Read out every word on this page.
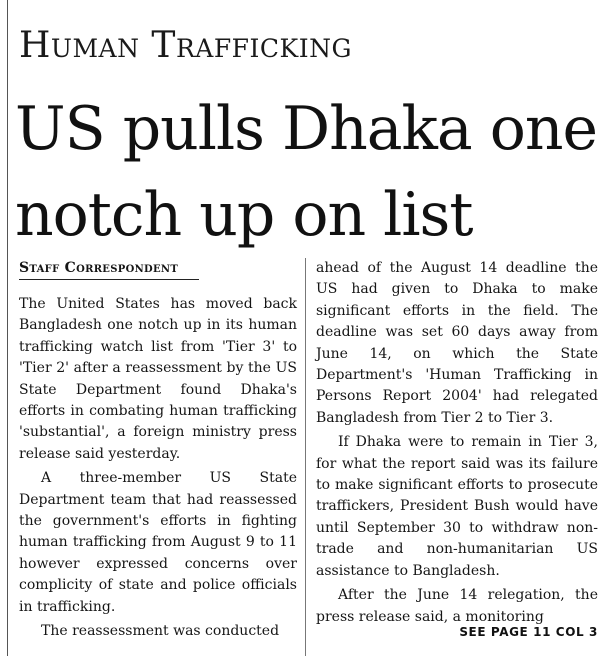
Human Trafficking
US pulls Dhaka one notch up on list
Staff Correspondent

The United States has moved back Bangladesh one notch up in its human trafficking watch list from 'Tier 3' to 'Tier 2' after a reassessment by the US State Department found Dhaka's efforts in combating human trafficking 'substantial', a foreign ministry press release said yesterday.

A three-member US State Department team that had reassessed the government's efforts in fighting human trafficking from August 9 to 11 however expressed concerns over complicity of state and police officials in trafficking.

The reassessment was conducted

ahead of the August 14 deadline the US had given to Dhaka to make significant efforts in the field. The deadline was set 60 days away from June 14, on which the State Department's 'Human Trafficking in Persons Report 2004' had relegated Bangladesh from Tier 2 to Tier 3.

If Dhaka were to remain in Tier 3, for what the report said was its failure to make significant efforts to prosecute traffickers, President Bush would have until September 30 to withdraw non-trade and non-humanitarian US assistance to Bangladesh.

After the June 14 relegation, the press release said, a monitoring

SEE PAGE 11 COL 3
